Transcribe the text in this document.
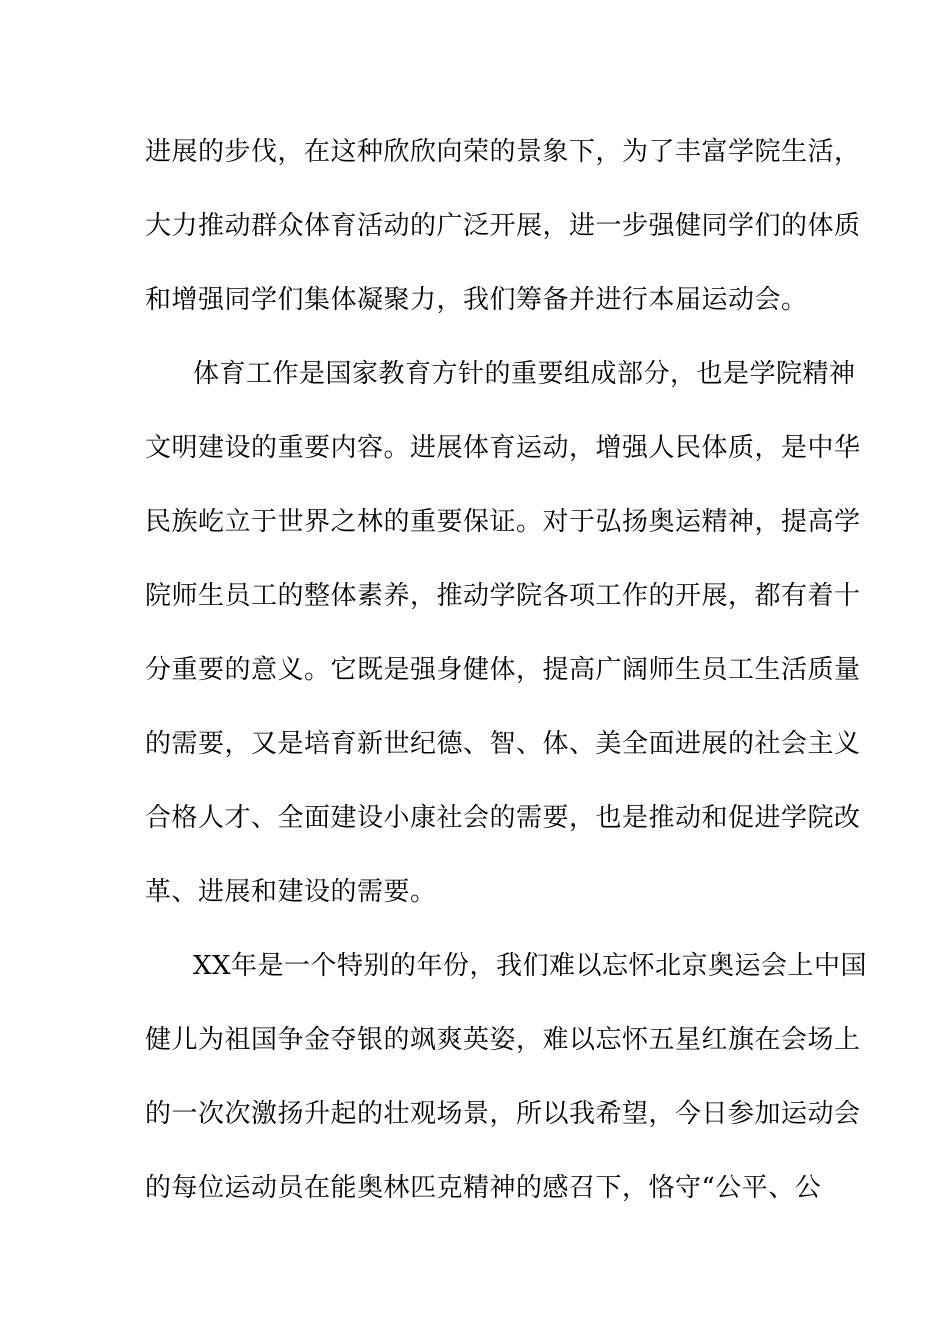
进展的步伐，在这种欣欣向荣的景象下，为了丰富学院生活，
大力推动群众体育活动的广泛开展，进一步强健同学们的体质
和增强同学们集体凝聚力，我们筹备并进行本届运动会。
体育工作是国家教育方针的重要组成部分，也是学院精神
文明建设的重要内容。进展体育运动，增强人民体质，是中华
民族屹立于世界之林的重要保证。对于弘扬奥运精神，提高学
院师生员工的整体素养，推动学院各项工作的开展，都有着十
分重要的意义。它既是强身健体，提高广阔师生员工生活质量
的需要，又是培育新世纪德、智、体、美全面进展的社会主义
合格人才、全面建设小康社会的需要，也是推动和促进学院改
革、进展和建设的需要。
XX年是一个特别的年份，我们难以忘怀北京奥运会上中国
健儿为祖国争金夺银的飒爽英姿，难以忘怀五星红旗在会场上
的一次次激扬升起的壮观场景，所以我希望，今日参加运动会
的每位运动员在能奥林匹克精神的感召下，恪守“公平、公
